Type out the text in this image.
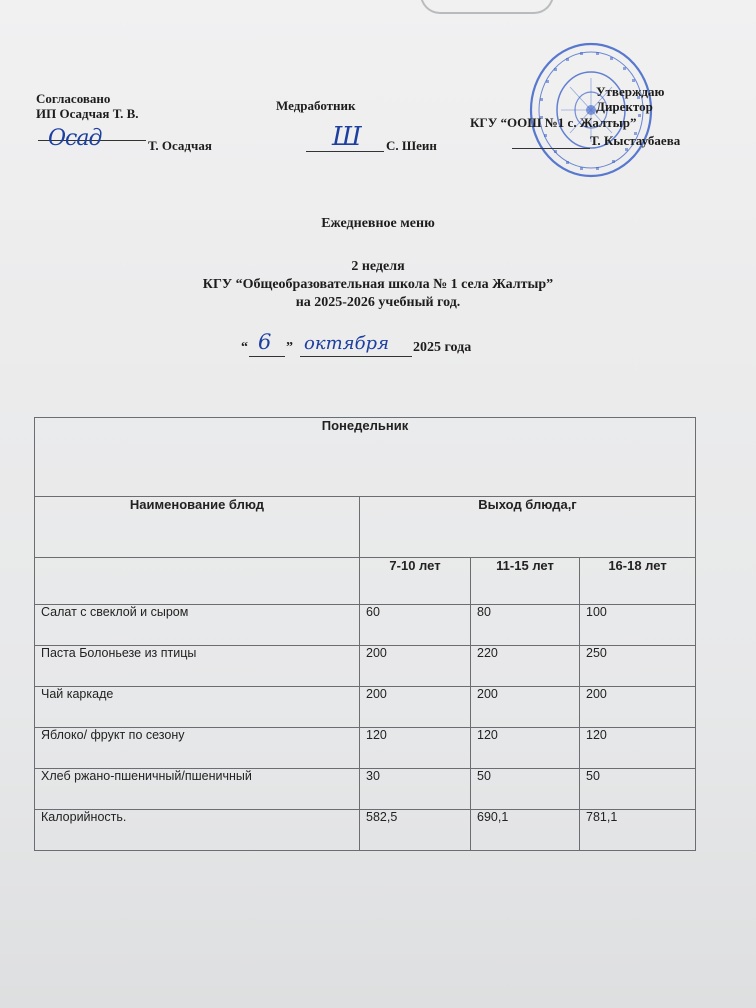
Согласовано
ИП Осадчая Т. В.
Осад	Т. Осадчая
Медработник
Ш С. Шеин
Утверждаю
Директор
КГУ “ООШ №1 с. Жалтыр”
Т. Кыстаубаева
Ежедневное меню
2 неделя
КГУ “Общеобразовательная школа № 1 села Жалтыр”
на 2025-2026 учебный год.
“ 6 ” октября 2025 года
Понедельник			
Наименование блюд	Выход блюда,г		
	7-10 лет	11-15 лет	16-18 лет
Салат с свеклой и сыром	60	80	100
Паста Болоньезе из птицы	200	220	250
Чай каркаде	200	200	200
Яблоко/ фрукт по сезону	120	120	120
Хлеб ржано-пшеничный/пшеничный	30	50	50
Калорийность.	582,5	690,1	781,1
